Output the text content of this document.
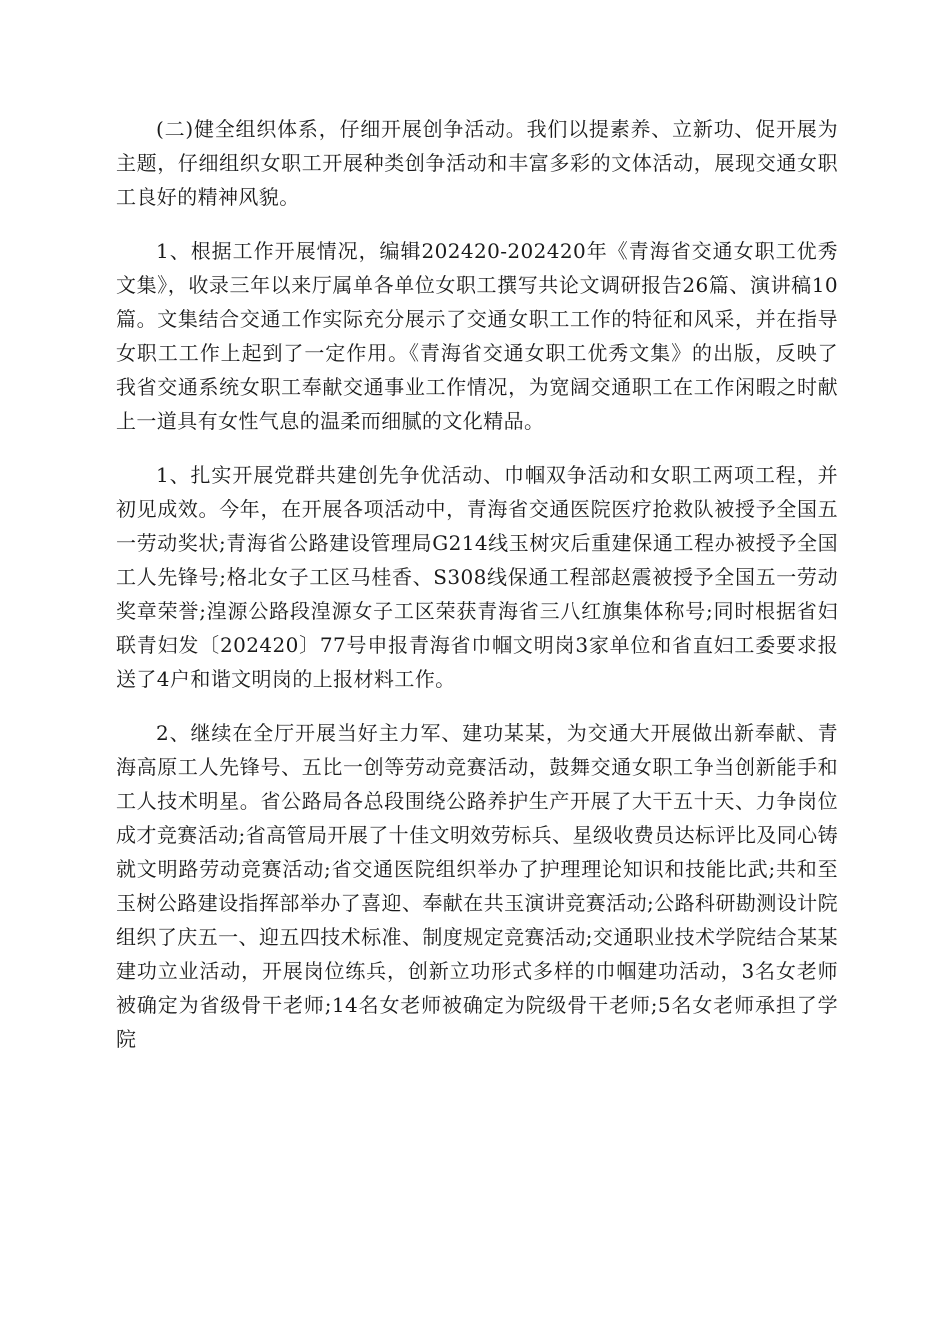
(二)健全组织体系，仔细开展创争活动。我们以提素养、立新功、促开展为主题，仔细组织女职工开展种类创争活动和丰富多彩的文体活动，展现交通女职工良好的精神风貌。

1、根据工作开展情况，编辑202420-202420年《青海省交通女职工优秀文集》，收录三年以来厅属单各单位女职工撰写共论文调研报告26篇、演讲稿10篇。文集结合交通工作实际充分展示了交通女职工工作的特征和风采，并在指导女职工工作上起到了一定作用。《青海省交通女职工优秀文集》的出版，反映了我省交通系统女职工奉献交通事业工作情况，为宽阔交通职工在工作闲暇之时献上一道具有女性气息的温柔而细腻的文化精品。

1、扎实开展党群共建创先争优活动、巾帼双争活动和女职工两项工程，并初见成效。今年，在开展各项活动中，青海省交通医院医疗抢救队被授予全国五一劳动奖状;青海省公路建设管理局G214线玉树灾后重建保通工程办被授予全国工人先锋号;格北女子工区马桂香、S308线保通工程部赵震被授予全国五一劳动奖章荣誉;湟源公路段湟源女子工区荣获青海省三八红旗集体称号;同时根据省妇联青妇发〔202420〕77号申报青海省巾帼文明岗3家单位和省直妇工委要求报送了4户和谐文明岗的上报材料工作。

2、继续在全厅开展当好主力军、建功某某，为交通大开展做出新奉献、青海高原工人先锋号、五比一创等劳动竞赛活动，鼓舞交通女职工争当创新能手和工人技术明星。省公路局各总段围绕公路养护生产开展了大干五十天、力争岗位成才竞赛活动;省高管局开展了十佳文明效劳标兵、星级收费员达标评比及同心铸就文明路劳动竞赛活动;省交通医院组织举办了护理理论知识和技能比武;共和至玉树公路建设指挥部举办了喜迎、奉献在共玉演讲竞赛活动;公路科研勘测设计院组织了庆五一、迎五四技术标准、制度规定竞赛活动;交通职业技术学院结合某某建功立业活动，开展岗位练兵，创新立功形式多样的巾帼建功活动，3名女老师被确定为省级骨干老师;14名女老师被确定为院级骨干老师;5名女老师承担了学院
